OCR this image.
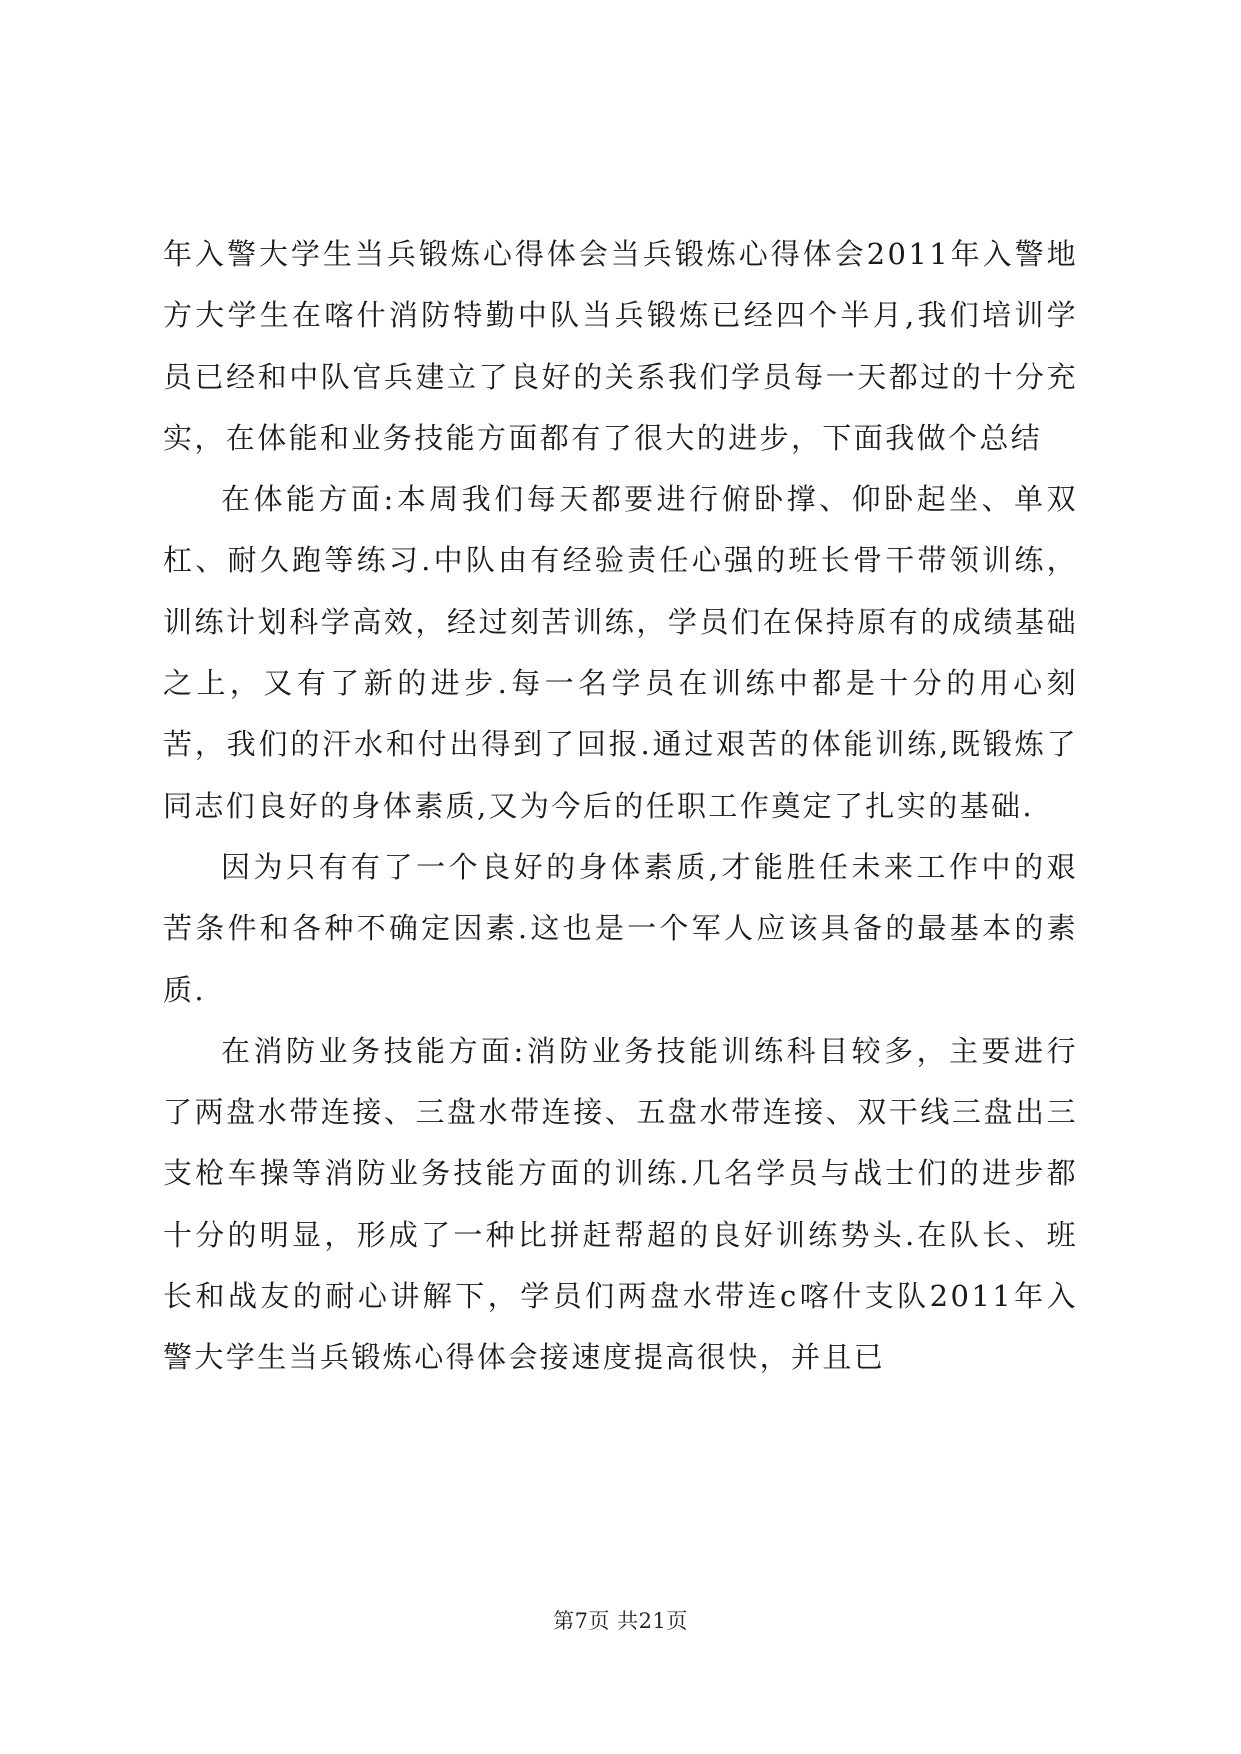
年入警大学生当兵锻炼心得体会当兵锻炼心得体会2011年入警地方大学生在喀什消防特勤中队当兵锻炼已经四个半月,我们培训学员已经和中队官兵建立了良好的关系我们学员每一天都过的十分充实，在体能和业务技能方面都有了很大的进步，下面我做个总结

在体能方面:本周我们每天都要进行俯卧撑、仰卧起坐、单双杠、耐久跑等练习.中队由有经验责任心强的班长骨干带领训练，训练计划科学高效，经过刻苦训练，学员们在保持原有的成绩基础之上，又有了新的进步.每一名学员在训练中都是十分的用心刻苦，我们的汗水和付出得到了回报.通过艰苦的体能训练,既锻炼了同志们良好的身体素质,又为今后的任职工作奠定了扎实的基础.

因为只有有了一个良好的身体素质,才能胜任未来工作中的艰苦条件和各种不确定因素.这也是一个军人应该具备的最基本的素质.

在消防业务技能方面:消防业务技能训练科目较多，主要进行了两盘水带连接、三盘水带连接、五盘水带连接、双干线三盘出三支枪车操等消防业务技能方面的训练.几名学员与战士们的进步都十分的明显，形成了一种比拼赶帮超的良好训练势头.在队长、班长和战友的耐心讲解下，学员们两盘水带连c喀什支队2011年入警大学生当兵锻炼心得体会接速度提高很快，并且已

第7页 共21页
